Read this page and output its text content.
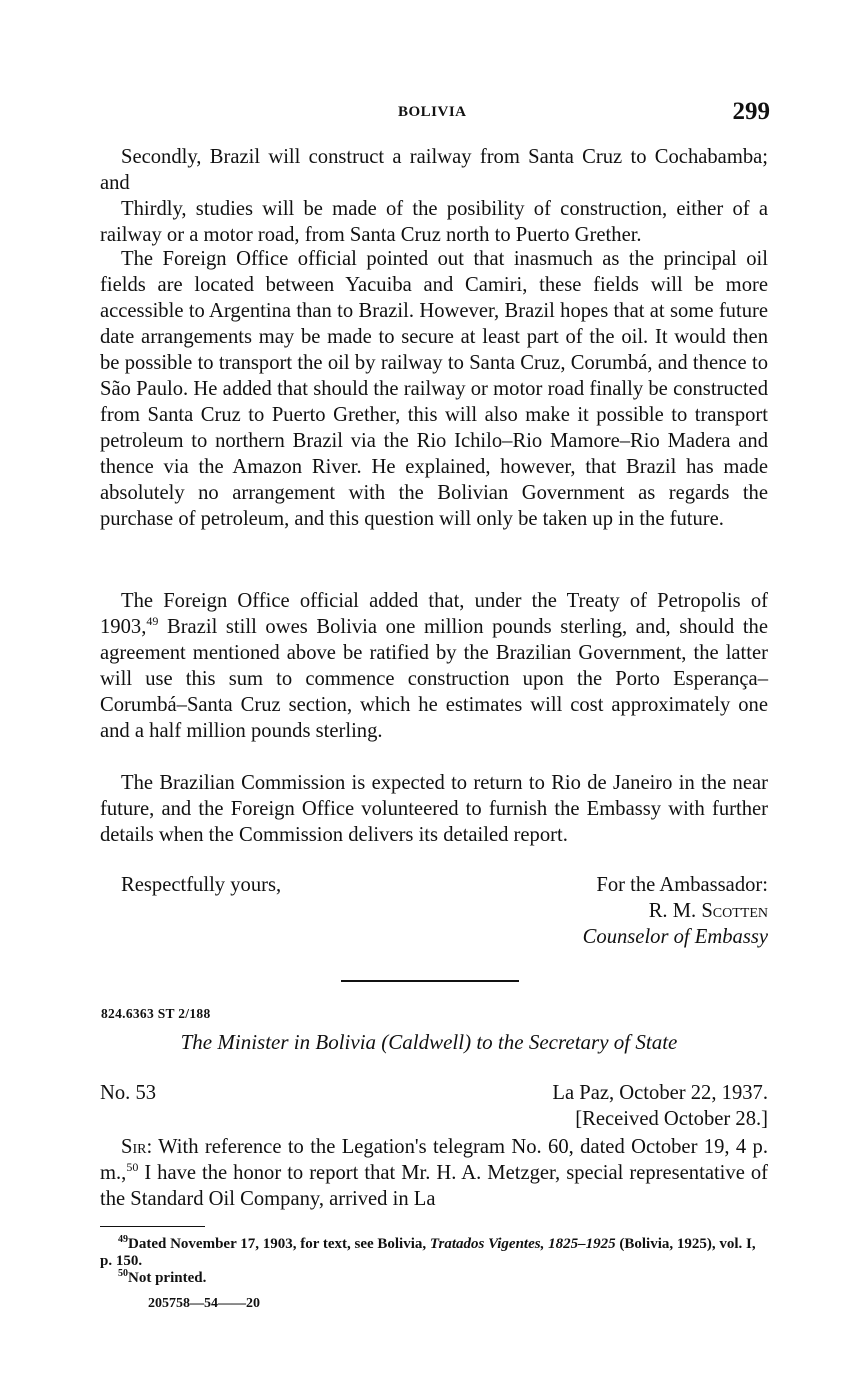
BOLIVIA	299

Secondly, Brazil will construct a railway from Santa Cruz to Cochabamba; and

Thirdly, studies will be made of the posibility of construction, either of a railway or a motor road, from Santa Cruz north to Puerto Grether.

The Foreign Office official pointed out that inasmuch as the principal oil fields are located between Yacuiba and Camiri, these fields will be more accessible to Argentina than to Brazil. However, Brazil hopes that at some future date arrangements may be made to secure at least part of the oil. It would then be possible to transport the oil by railway to Santa Cruz, Corumbá, and thence to São Paulo. He added that should the railway or motor road finally be constructed from Santa Cruz to Puerto Grether, this will also make it possible to transport petroleum to northern Brazil via the Rio Ichilo–Rio Mamore–Rio Madera and thence via the Amazon River. He explained, however, that Brazil has made absolutely no arrangement with the Bolivian Government as regards the purchase of petroleum, and this question will only be taken up in the future.

The Foreign Office official added that, under the Treaty of Petropolis of 1903,49 Brazil still owes Bolivia one million pounds sterling, and, should the agreement mentioned above be ratified by the Brazilian Government, the latter will use this sum to commence construction upon the Porto Esperança–Corumbá–Santa Cruz section, which he estimates will cost approximately one and a half million pounds sterling.

The Brazilian Commission is expected to return to Rio de Janeiro in the near future, and the Foreign Office volunteered to furnish the Embassy with further details when the Commission delivers its detailed report.

Respectfully yours,	For the Ambassador:
R. M. Scotten
Counselor of Embassy
824.6363 ST 2/188
The Minister in Bolivia (Caldwell) to the Secretary of State
No. 53	La Paz, October 22, 1937.
[Received October 28.]

Sir: With reference to the Legation's telegram No. 60, dated October 19, 4 p. m.,$^{50}$ I have the honor to report that Mr. H. A. Metzger, special representative of the Standard Oil Company, arrived in La

$^{49}$Dated November 17, 1903, for text, see Bolivia, Tratados Vigentes, 1825–1925 (Bolivia, 1925), vol. I, p. 150.

$^{50}$Not printed.

205758—54——20
